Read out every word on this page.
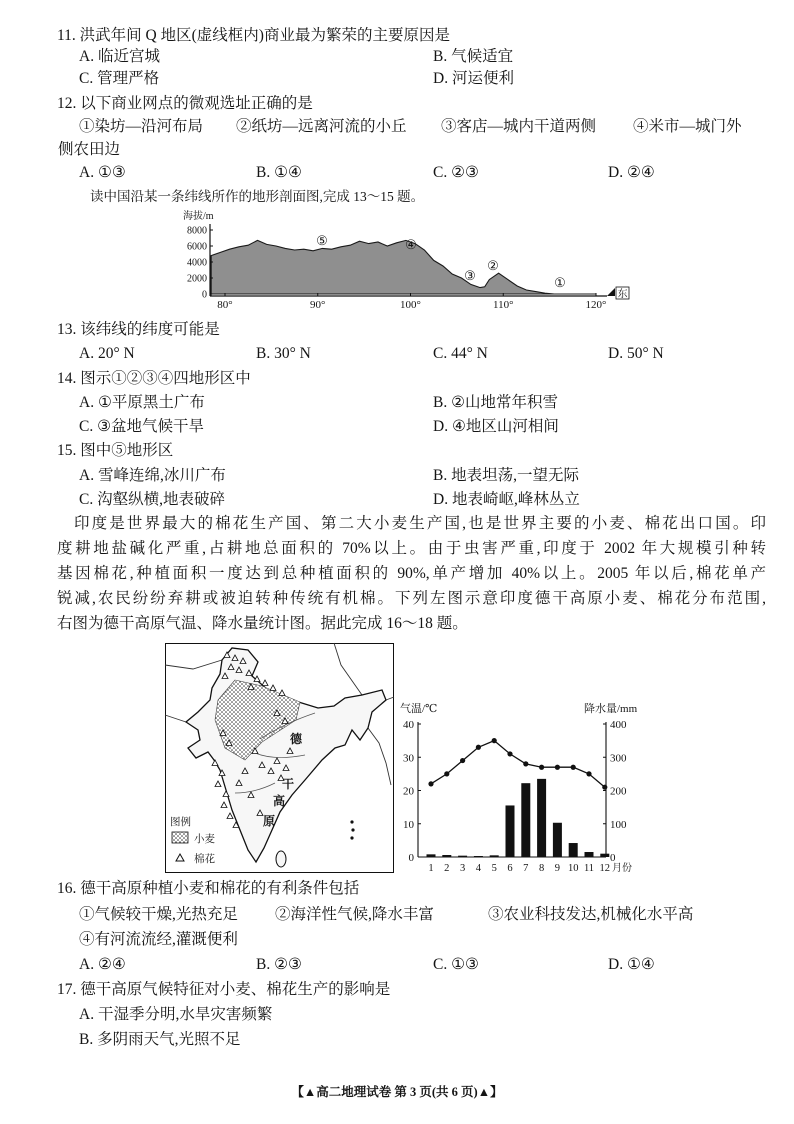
11. 洪武年间 Q 地区(虚线框内)商业最为繁荣的主要原因是
A. 临近宫城	B. 气候适宜
C. 管理严格	D. 河运便利
12. 以下商业网点的微观选址正确的是
①染坊—沿河布局 ②纸坊—远离河流的小丘 ③客店—城内干道两侧 ④米市—城门外
侧农田边
A. ①③	B. ①④	C. ②③	D. ②④
读中国沿某一条纬线所作的地形剖面图,完成 13～15 题。
东
8000
6000
4000
2000
0
海拔/m
80°	90°	100°	110°	120°
⑤	④
③
②
①
13. 该纬线的纬度可能是
A. 20° N	B. 30° N	C. 44° N	D. 50° N
14. 图示①②③④四地形区中
A. ①平原黑土广布	B. ②山地常年积雪
C. ③盆地气候干旱	D. ④地区山河相间
15. 图中⑤地形区
A. 雪峰连绵,冰川广布	B. 地表坦荡,一望无际
C. 沟壑纵横,地表破碎	D. 地表崎岖,峰林丛立
印度是世界最大的棉花生产国、第二大小麦生产国,也是世界主要的小麦、棉花出口国。印
度耕地盐碱化严重,占耕地总面积的 70%以上。由于虫害严重,印度于 2002 年大规模引种转
基因棉花,种植面积一度达到总种植面积的 90%,单产增加 40%以上。2005 年以后,棉花单产
锐减,农民纷纷弃耕或被迫转种传统有机棉。下列左图示意印度德干高原小麦、棉花分布范围,
右图为德干高原气温、降水量统计图。据此完成 16～18 题。
德
干
高
原
图例
小麦
棉花
气温/℃	降水量/mm
40
30
20
10
0
400
300
200
100
0
1 2 3 4 5 6 7 8 9 10 11 12 月份
16. 德干高原种植小麦和棉花的有利条件包括
①气候较干燥,光热充足 ②海洋性气候,降水丰富	③农业科技发达,机械化水平高
④有河流流经,灌溉便利
A. ②④	B. ②③	C. ①③	D. ①④
17. 德干高原气候特征对小麦、棉花生产的影响是
A. 干湿季分明,水旱灾害频繁
B. 多阴雨天气,光照不足
【▲高二地理试卷 第 3 页(共 6 页)▲】
